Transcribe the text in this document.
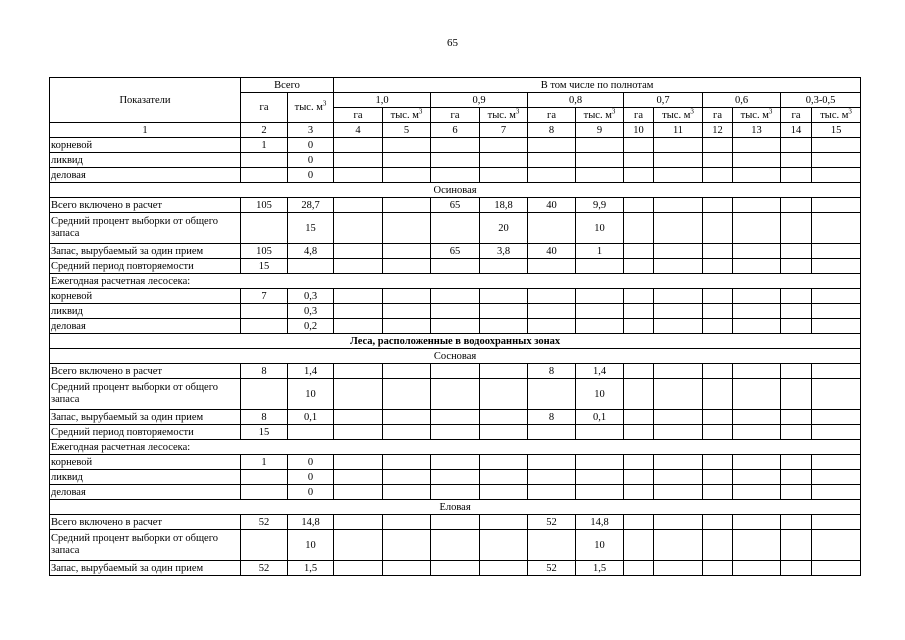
65
Показатели	Всего		В том числе по полнотам											
	га	тыс. $м^3$	1,0		0,9		0,8		0,7		0,6		0,3-0,5	
			га	тыс. $м^3$	га	тыс. $м^3$	га	тыс. $м^3$	га	тыс. $м^3$	га	тыс. $м^3$	га	тыс. $м^3$
1	2	3	4	5	6	7	8	9	10	11	12	13	14	15
корневой	1	0												
ликвид		0												
деловая		0												
Осиновая														
Всего включено в расчет	105	28,7			65	18,8	40	9,9						
Средний процент выборки от общего запаса		15				20		10						
Запас, вырубаемый за один прием	105	4,8			65	3,8	40	1						
Средний период повторяемости	15													
Ежегодная расчетная лесосека:														
корневой	7	0,3												
ликвид		0,3												
деловая		0,2												
Леса, расположенные в водоохранных зонах														
Сосновая														
Всего включено в расчет	8	1,4					8	1,4						
Средний процент выборки от общего запаса		10						10						
Запас, вырубаемый за один прием	8	0,1					8	0,1						
Средний период повторяемости	15													
Ежегодная расчетная лесосека:														
корневой	1	0												
ликвид		0												
деловая		0												
Еловая														
Всего включено в расчет	52	14,8					52	14,8						
Средний процент выборки от общего запаса		10						10						
Запас, вырубаемый за один прием	52	1,5					52	1,5						
